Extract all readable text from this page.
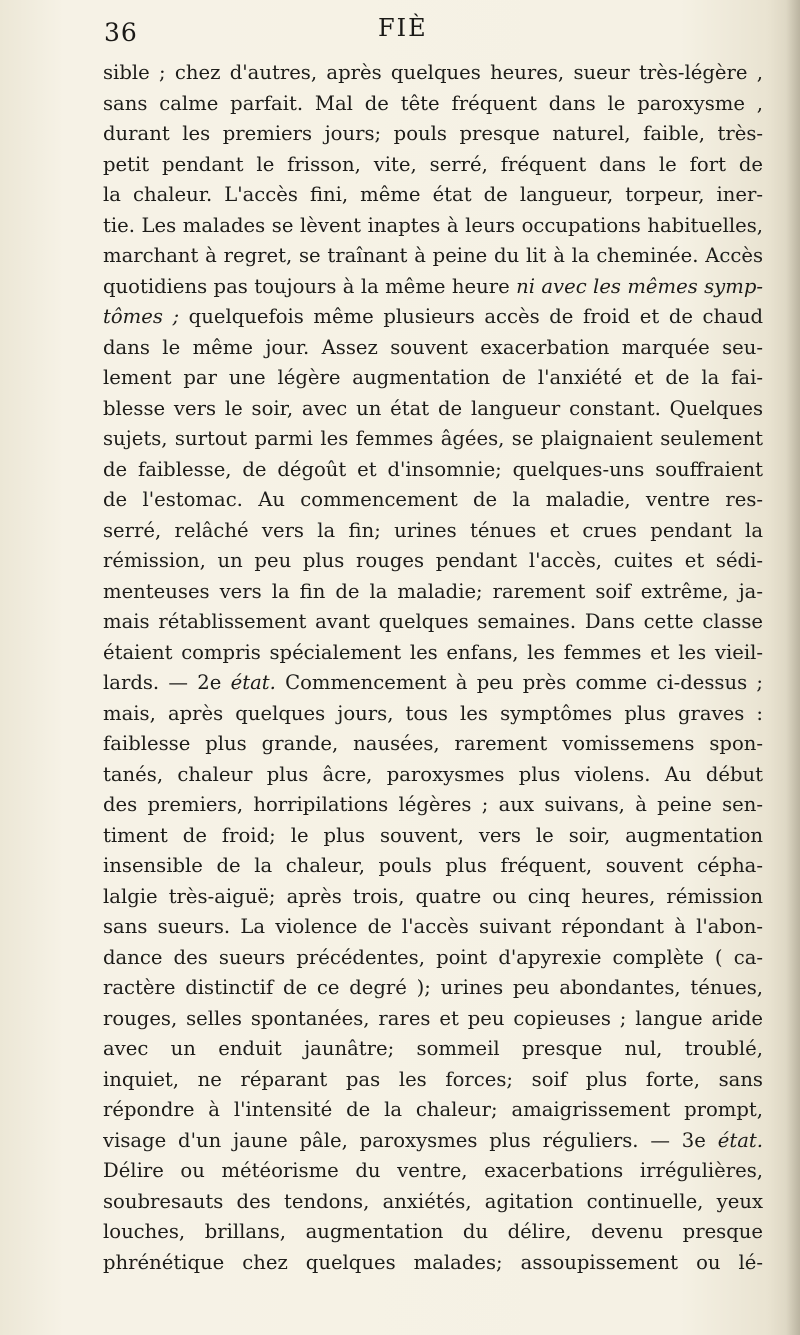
36	FIÈ
sible ; chez d'autres, après quelques heures, sueur très-légère ,
sans calme parfait. Mal de tête fréquent dans le paroxysme ,
durant les premiers jours; pouls presque naturel, faible, très-
petit pendant le frisson, vite, serré, fréquent dans le fort de
la chaleur. L'accès fini, même état de langueur, torpeur, iner-
tie. Les malades se lèvent inaptes à leurs occupations habituelles,
marchant à regret, se traînant à peine du lit à la cheminée. Accès
quotidiens pas toujours à la même heure ni avec les mêmes symp-
tômes ; quelquefois même plusieurs accès de froid et de chaud
dans le même jour. Assez souvent exacerbation marquée seu-
lement par une légère augmentation de l'anxiété et de la fai-
blesse vers le soir, avec un état de langueur constant. Quelques
sujets, surtout parmi les femmes âgées, se plaignaient seulement
de faiblesse, de dégoût et d'insomnie; quelques-uns souffraient
de l'estomac. Au commencement de la maladie, ventre res-
serré, relâché vers la fin; urines ténues et crues pendant la
rémission, un peu plus rouges pendant l'accès, cuites et sédi-
menteuses vers la fin de la maladie; rarement soif extrême, ja-
mais rétablissement avant quelques semaines. Dans cette classe
étaient compris spécialement les enfans, les femmes et les vieil-
lards. — 2e état. Commencement à peu près comme ci-dessus ;
mais, après quelques jours, tous les symptômes plus graves :
faiblesse plus grande, nausées, rarement vomissemens spon-
tanés, chaleur plus âcre, paroxysmes plus violens. Au début
des premiers, horripilations légères ; aux suivans, à peine sen-
timent de froid; le plus souvent, vers le soir, augmentation
insensible de la chaleur, pouls plus fréquent, souvent cépha-
lalgie très-aiguë; après trois, quatre ou cinq heures, rémission
sans sueurs. La violence de l'accès suivant répondant à l'abon-
dance des sueurs précédentes, point d'apyrexie complète ( ca-
ractère distinctif de ce degré ); urines peu abondantes, ténues,
rouges, selles spontanées, rares et peu copieuses ; langue aride
avec un enduit jaunâtre; sommeil presque nul, troublé,
inquiet, ne réparant pas les forces; soif plus forte, sans
répondre à l'intensité de la chaleur; amaigrissement prompt,
visage d'un jaune pâle, paroxysmes plus réguliers. — 3e état.
Délire ou météorisme du ventre, exacerbations irrégulières,
soubresauts des tendons, anxiétés, agitation continuelle, yeux
louches, brillans, augmentation du délire, devenu presque
phrénétique chez quelques malades; assoupissement ou lé-
